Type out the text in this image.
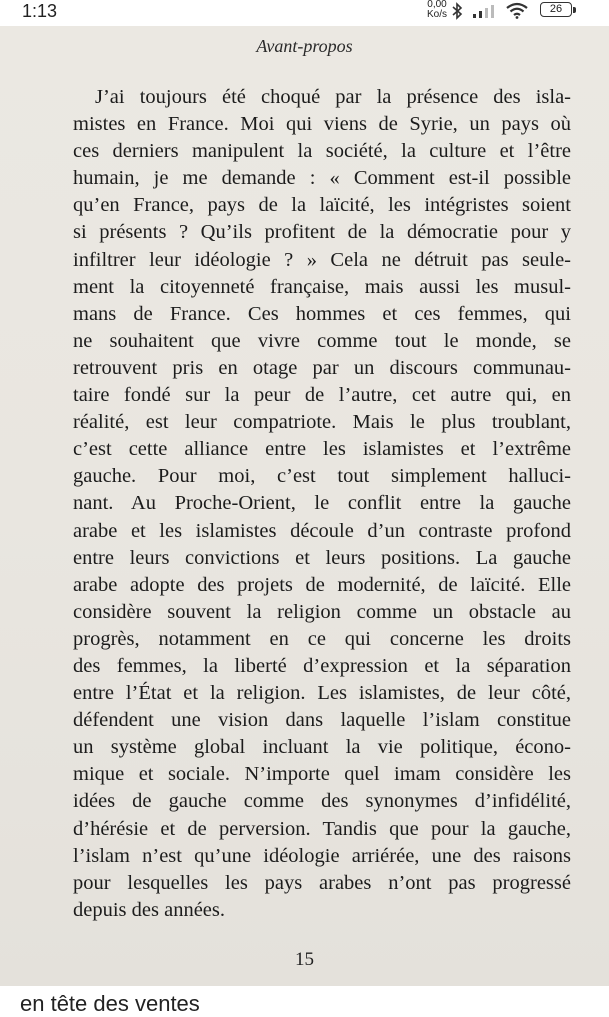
1:13	0,00
Ko/s	26
Avant-propos
J’ai toujours été choqué par la présence des isla-
mistes en France. Moi qui viens de Syrie, un pays où
ces derniers manipulent la société, la culture et l’être
humain, je me demande : « Comment est-il possible
qu’en France, pays de la laïcité, les intégristes soient
si présents ? Qu’ils profitent de la démocratie pour y
infiltrer leur idéologie ? » Cela ne détruit pas seule-
ment la citoyenneté française, mais aussi les musul-
mans de France. Ces hommes et ces femmes, qui
ne souhaitent que vivre comme tout le monde, se
retrouvent pris en otage par un discours communau-
taire fondé sur la peur de l’autre, cet autre qui, en
réalité, est leur compatriote. Mais le plus troublant,
c’est cette alliance entre les islamistes et l’extrême
gauche. Pour moi, c’est tout simplement halluci-
nant. Au Proche-Orient, le conflit entre la gauche
arabe et les islamistes découle d’un contraste profond
entre leurs convictions et leurs positions. La gauche
arabe adopte des projets de modernité, de laïcité. Elle
considère souvent la religion comme un obstacle au
progrès, notamment en ce qui concerne les droits
des femmes, la liberté d’expression et la séparation
entre l’État et la religion. Les islamistes, de leur côté,
défendent une vision dans laquelle l’islam constitue
un système global incluant la vie politique, écono-
mique et sociale. N’importe quel imam considère les
idées de gauche comme des synonymes d’infidélité,
d’hérésie et de perversion. Tandis que pour la gauche,
l’islam n’est qu’une idéologie arriérée, une des raisons
pour lesquelles les pays arabes n’ont pas progressé
depuis des années.
15
en tête des ventes
